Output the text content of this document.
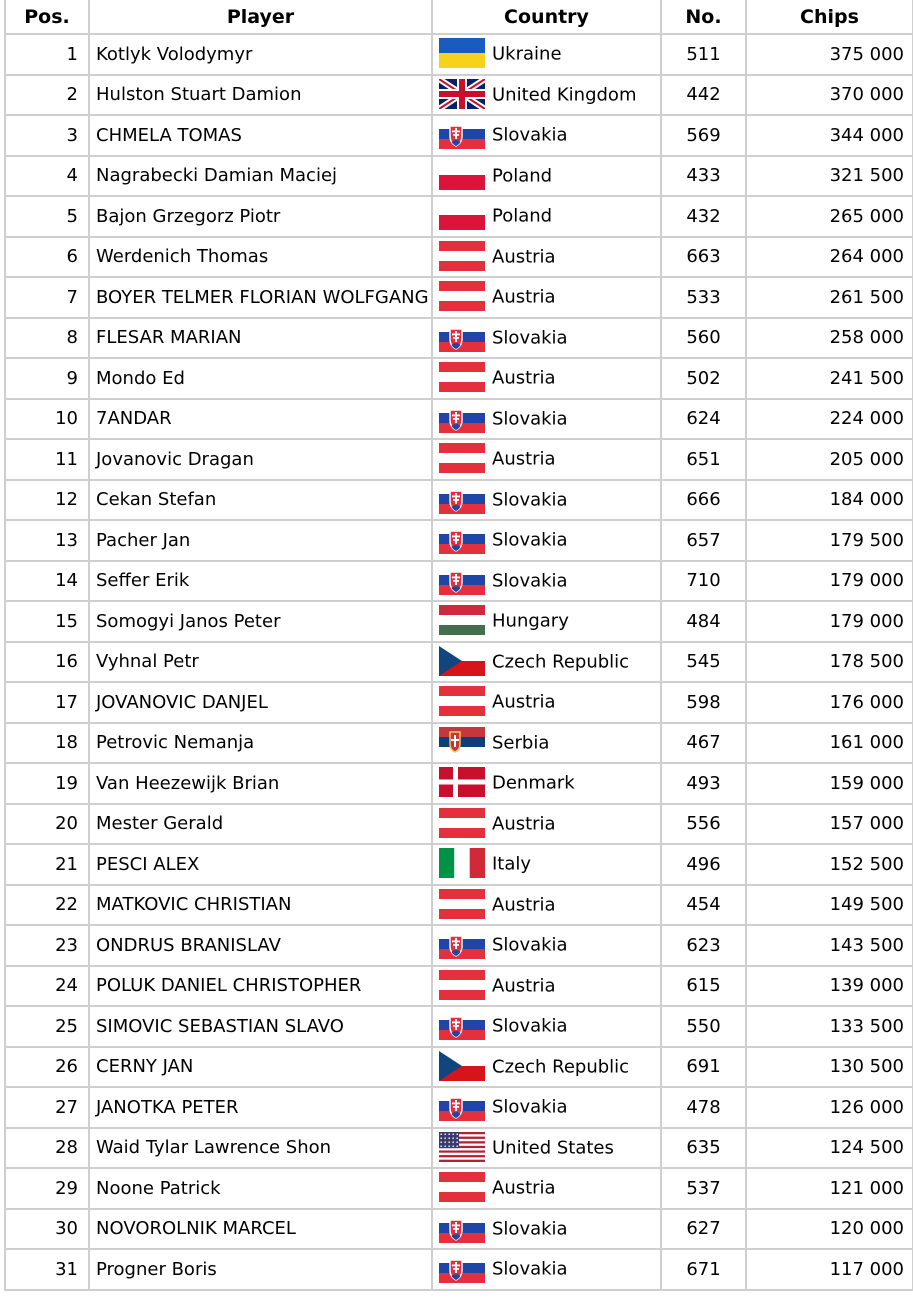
Pos.	Player	Country	No.	Chips
1	Kotlyk Volodymyr	Ukraine	511	375 000
2	Hulston Stuart Damion	United Kingdom	442	370 000
3	CHMELA TOMAS	Slovakia	569	344 000
4	Nagrabecki Damian Maciej	Poland	433	321 500
5	Bajon Grzegorz Piotr	Poland	432	265 000
6	Werdenich Thomas	Austria	663	264 000
7	BOYER TELMER FLORIAN WOLFGANG	Austria	533	261 500
8	FLESAR MARIAN	Slovakia	560	258 000
9	Mondo Ed	Austria	502	241 500
10	7ANDAR	Slovakia	624	224 000
11	Jovanovic Dragan	Austria	651	205 000
12	Cekan Stefan	Slovakia	666	184 000
13	Pacher Jan	Slovakia	657	179 500
14	Seffer Erik	Slovakia	710	179 000
15	Somogyi Janos Peter	Hungary	484	179 000
16	Vyhnal Petr	Czech Republic	545	178 500
17	JOVANOVIC DANJEL	Austria	598	176 000
18	Petrovic Nemanja	Serbia	467	161 000
19	Van Heezewijk Brian	Denmark	493	159 000
20	Mester Gerald	Austria	556	157 000
21	PESCI ALEX	Italy	496	152 500
22	MATKOVIC CHRISTIAN	Austria	454	149 500
23	ONDRUS BRANISLAV	Slovakia	623	143 500
24	POLUK DANIEL CHRISTOPHER	Austria	615	139 000
25	SIMOVIC SEBASTIAN SLAVO	Slovakia	550	133 500
26	CERNY JAN	Czech Republic	691	130 500
27	JANOTKA PETER	Slovakia	478	126 000
28	Waid Tylar Lawrence Shon	United States	635	124 500
29	Noone Patrick	Austria	537	121 000
30	NOVOROLNIK MARCEL	Slovakia	627	120 000
31	Progner Boris	Slovakia	671	117 000
